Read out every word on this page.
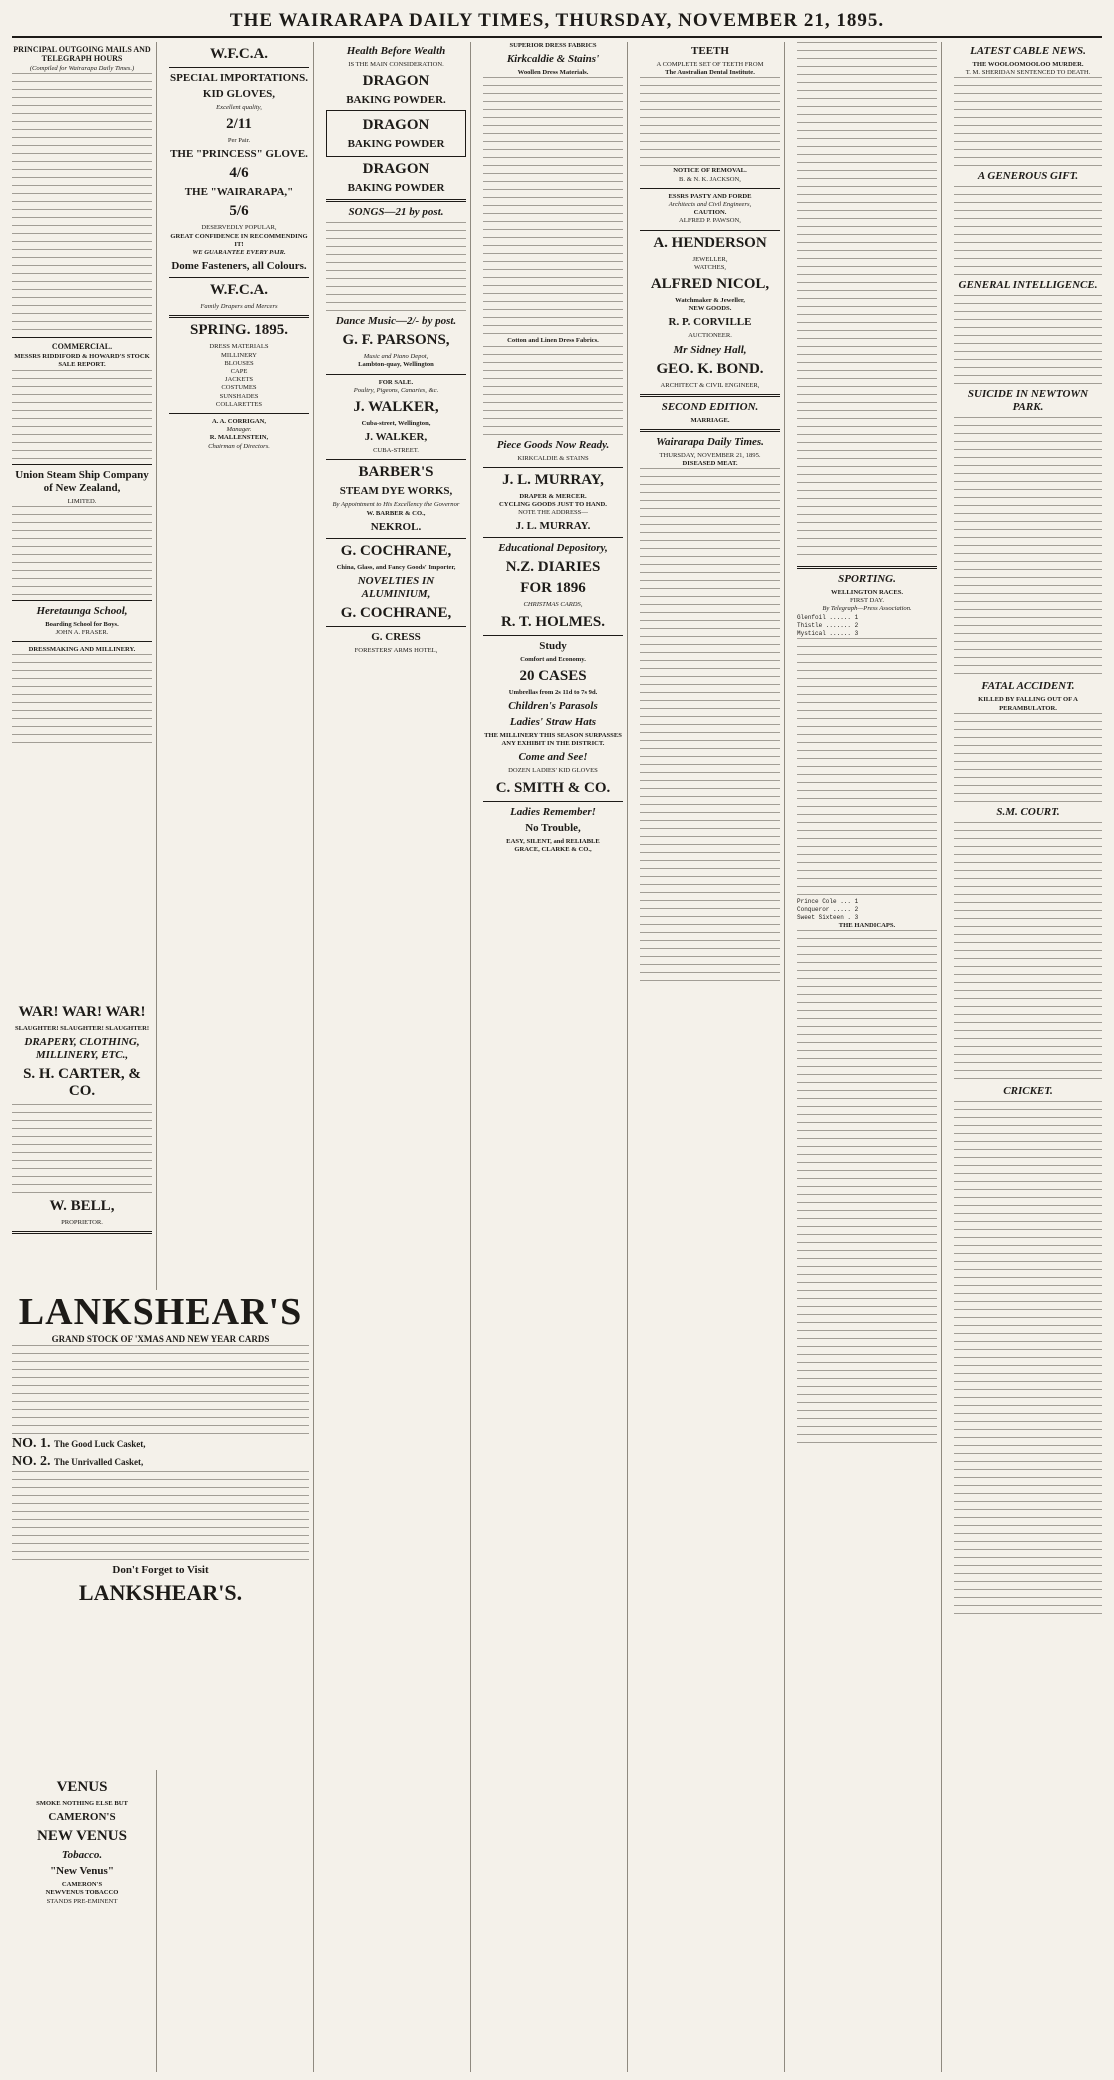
THE WAIRARAPA DAILY TIMES, THURSDAY, NOVEMBER 21, 1895.
PRINCIPAL OUTGOING MAILS AND TELEGRAPH HOURS
(Compiled for Wairarapa Daily Times.)
COMMERCIAL.
MESSRS RIDDIFORD & HOWARD'S STOCK SALE REPORT.
Union Steam Ship Company of New Zealand,
LIMITED.
Heretaunga School,
Boarding School for Boys.
JOHN A. FRASER.
DRESSMAKING AND MILLINERY.
W.F.C.A.
SPECIAL IMPORTATIONS.
KID GLOVES,
Excellent quality,
2/11
Per Pair.
THE "PRINCESS" GLOVE.
4/6
THE "WAIRARAPA,"
5/6
DESERVEDLY POPULAR,
GREAT CONFIDENCE IN RECOMMENDING IT!
WE GUARANTEE EVERY PAIR.
Dome Fasteners, all Colours.
W.F.C.A.
Family Drapers and Mercers
SPRING. 1895.
DRESS MATERIALS
MILLINERY
BLOUSES
CAPE
JACKETS
COSTUMES
SUNSHADES
COLLARETTES
A. A. CORRIGAN,
Manager.
R. MALLENSTEIN,
Chairman of Directors.
Health Before Wealth
IS THE MAIN CONSIDERATION.
DRAGON
BAKING POWDER.
DRAGON
BAKING POWDER
DRAGON
BAKING POWDER
SONGS—21 by post.
Dance Music—2/- by post.
G. F. PARSONS,
Music and Piano Depot,
Lambton-quay, Wellington
FOR SALE.
Poultry, Pigeons, Canaries, &c.
J. WALKER,
Cuba-street, Wellington,
J. WALKER,
CUBA-STREET.
BARBER'S
STEAM DYE WORKS,
By Appointment to His Excellency the Governor
W. BARBER & CO.,
NEKROL.
G. COCHRANE,
China, Glass, and Fancy Goods' Importer,
NOVELTIES IN ALUMINIUM,
G. COCHRANE,
G. CRESS
FORESTERS' ARMS HOTEL,
SUPERIOR DRESS FABRICS
Kirkcaldie & Stains'
Woollen Dress Materials.
Cotton and Linen Dress Fabrics.
Piece Goods Now Ready.
KIRKCALDIE & STAINS
J. L. MURRAY,
DRAPER & MERCER.
CYCLING GOODS JUST TO HAND.
NOTE THE ADDRESS—
J. L. MURRAY.
Educational Depository,
N.Z. DIARIES
FOR 1896
CHRISTMAS CARDS,
R. T. HOLMES.
Study
Comfort and Economy.
20 CASES
Umbrellas from 2s 11d to 7s 9d.
Children's Parasols
Ladies' Straw Hats
THE MILLINERY THIS SEASON SURPASSES ANY EXHIBIT IN THE DISTRICT.
Come and See!
DOZEN LADIES' KID GLOVES
C. SMITH & CO.
Ladies Remember!
No Trouble,
EASY, SILENT, and RELIABLE
GRACE, CLARKE & CO.,
TEETH
A COMPLETE SET OF TEETH FROM
The Australian Dental Institute.
NOTICE OF REMOVAL.
B. & N. K. JACKSON,
ESSRS PASTY AND FORDE
Architects and Civil Engineers,
CAUTION.
ALFRED P. PAWSON,
A. HENDERSON
JEWELLER,
WATCHES,
ALFRED NICOL,
Watchmaker & Jeweller,
NEW GOODS.
R. P. CORVILLE
AUCTIONEER.
Mr Sidney Hall,
GEO. K. BOND.
ARCHITECT & CIVIL ENGINEER,
SECOND EDITION.
MARRIAGE.
Wairarapa Daily Times.
THURSDAY, NOVEMBER 21, 1895.
DISEASED MEAT.
SPORTING.
WELLINGTON RACES.
FIRST DAY.
By Telegraph—Press Association.
Glenfoil ...... 1
Thistle ....... 2
Mystical ...... 3
Prince Cole ... 1
Conqueror ..... 2
Sweet Sixteen . 3
THE HANDICAPS.
LATEST CABLE NEWS.
THE WOOLOOMOOLOO MURDER.
T. M. SHERIDAN SENTENCED TO DEATH.
A GENEROUS GIFT.
GENERAL INTELLIGENCE.
SUICIDE IN NEWTOWN PARK.
FATAL ACCIDENT.
KILLED BY FALLING OUT OF A PERAMBULATOR.
S.M. COURT.
CRICKET.
WAR! WAR! WAR!
SLAUGHTER! SLAUGHTER! SLAUGHTER!
DRAPERY, CLOTHING, MILLINERY, ETC.,
S. H. CARTER, & CO.
W. BELL,
PROPRIETOR.
LANKSHEAR'S
GRAND STOCK OF 'XMAS AND NEW YEAR CARDS
NO. 1. The Good Luck Casket,
NO. 2. The Unrivalled Casket,
Don't Forget to Visit
LANKSHEAR'S.
VENUS
SMOKE NOTHING ELSE BUT
CAMERON'S
NEW VENUS
Tobacco.
"New Venus"
CAMERON'S
NEWVENUS TOBACCO
STANDS PRE-EMINENT
